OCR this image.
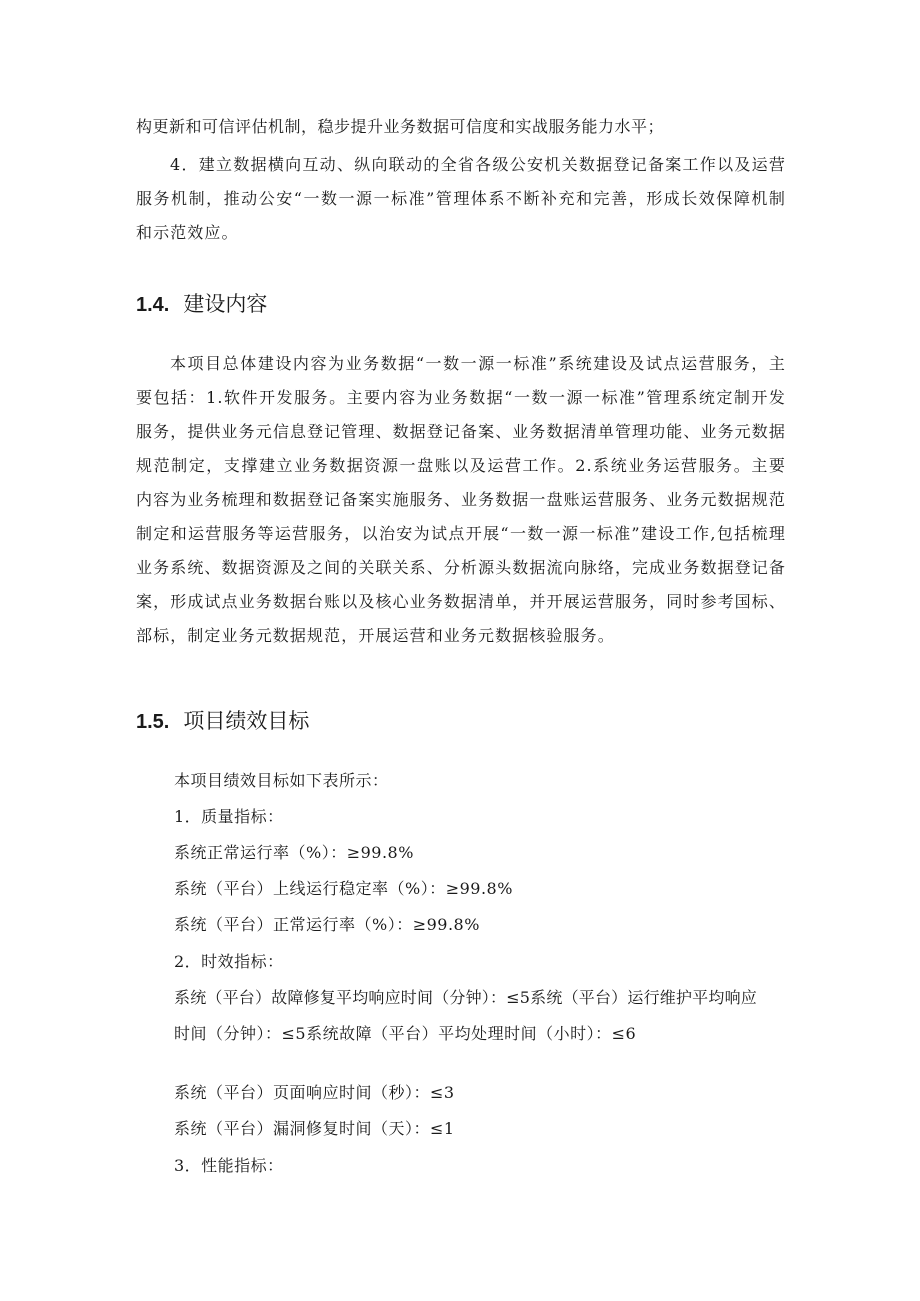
构更新和可信评估机制，稳步提升业务数据可信度和实战服务能力水平；
4．建立数据横向互动、纵向联动的全省各级公安机关数据登记备案工作以及运营服务机制，推动公安“一数一源一标准”管理体系不断补充和完善，形成长效保障机制和示范效应。
1.4. 建设内容
本项目总体建设内容为业务数据“一数一源一标准”系统建设及试点运营服务，主要包括：1.软件开发服务。主要内容为业务数据“一数一源一标准”管理系统定制开发服务，提供业务元信息登记管理、数据登记备案、业务数据清单管理功能、业务元数据规范制定，支撑建立业务数据资源一盘账以及运营工作。2.系统业务运营服务。主要内容为业务梳理和数据登记备案实施服务、业务数据一盘账运营服务、业务元数据规范制定和运营服务等运营服务，以治安为试点开展“一数一源一标准”建设工作,包括梳理业务系统、数据资源及之间的关联关系、分析源头数据流向脉络，完成业务数据登记备案，形成试点业务数据台账以及核心业务数据清单，并开展运营服务，同时参考国标、部标，制定业务元数据规范，开展运营和业务元数据核验服务。
1.5. 项目绩效目标
本项目绩效目标如下表所示：
1．质量指标：
系统正常运行率（%）：≥99.8%
系统（平台）上线运行稳定率（%）：≥99.8%
系统（平台）正常运行率（%）：≥99.8%
2．时效指标：
系统（平台）故障修复平均响应时间（分钟）：≤5系统（平台）运行维护平均响应
时间（分钟）：≤5系统故障（平台）平均处理时间（小时）：≤6
系统（平台）页面响应时间（秒）：≤3
系统（平台）漏洞修复时间（天）：≤1
3．性能指标：
